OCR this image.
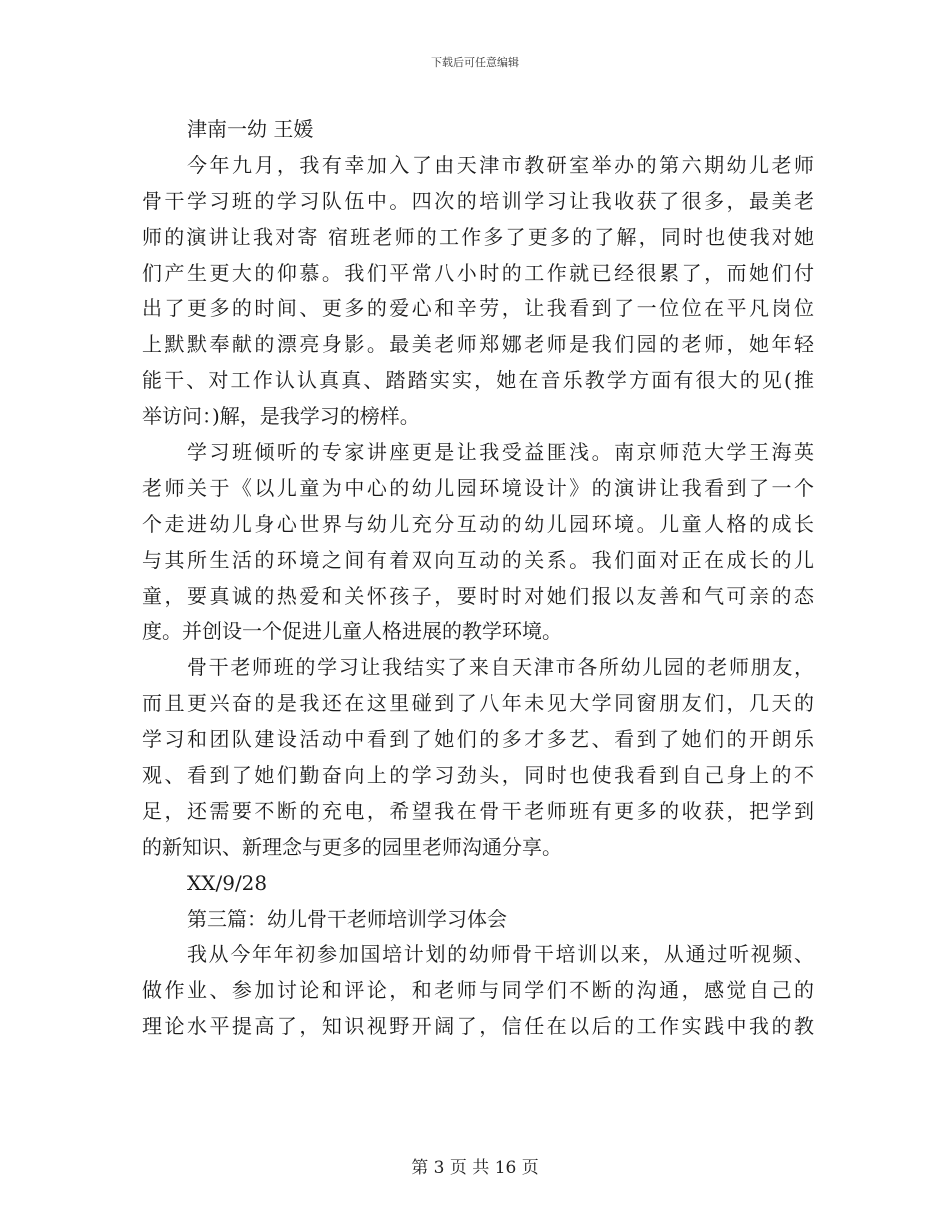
下载后可任意编辑
津南一幼 王媛
今年九月，我有幸加入了由天津市教研室举办的第六期幼儿老师
骨干学习班的学习队伍中。四次的培训学习让我收获了很多，最美老
师的演讲让我对寄 宿班老师的工作多了更多的了解，同时也使我对她
们产生更大的仰慕。我们平常八小时的工作就已经很累了，而她们付
出了更多的时间、更多的爱心和辛劳，让我看到了一位位在平凡岗位
上默默奉献的漂亮身影。最美老师郑娜老师是我们园的老师，她年轻
能干、对工作认认真真、踏踏实实，她在音乐教学方面有很大的见(推
举访问：)解，是我学习的榜样。
学习班倾听的专家讲座更是让我受益匪浅。南京师范大学王海英
老师关于《以儿童为中心的幼儿园环境设计》的演讲让我看到了一个
个走进幼儿身心世界与幼儿充分互动的幼儿园环境。儿童人格的成长
与其所生活的环境之间有着双向互动的关系。我们面对正在成长的儿
童，要真诚的热爱和关怀孩子，要时时对她们报以友善和气可亲的态
度。并创设一个促进儿童人格进展的教学环境。
骨干老师班的学习让我结实了来自天津市各所幼儿园的老师朋友，
而且更兴奋的是我还在这里碰到了八年未见大学同窗朋友们，几天的
学习和团队建设活动中看到了她们的多才多艺、看到了她们的开朗乐
观、看到了她们勤奋向上的学习劲头，同时也使我看到自己身上的不
足，还需要不断的充电，希望我在骨干老师班有更多的收获，把学到
的新知识、新理念与更多的园里老师沟通分享。
XX/9/28
第三篇：幼儿骨干老师培训学习体会
我从今年年初参加国培计划的幼师骨干培训以来，从通过听视频、
做作业、参加讨论和评论，和老师与同学们不断的沟通，感觉自己的
理论水平提高了，知识视野开阔了，信任在以后的工作实践中我的教
第 3 页 共 16 页
